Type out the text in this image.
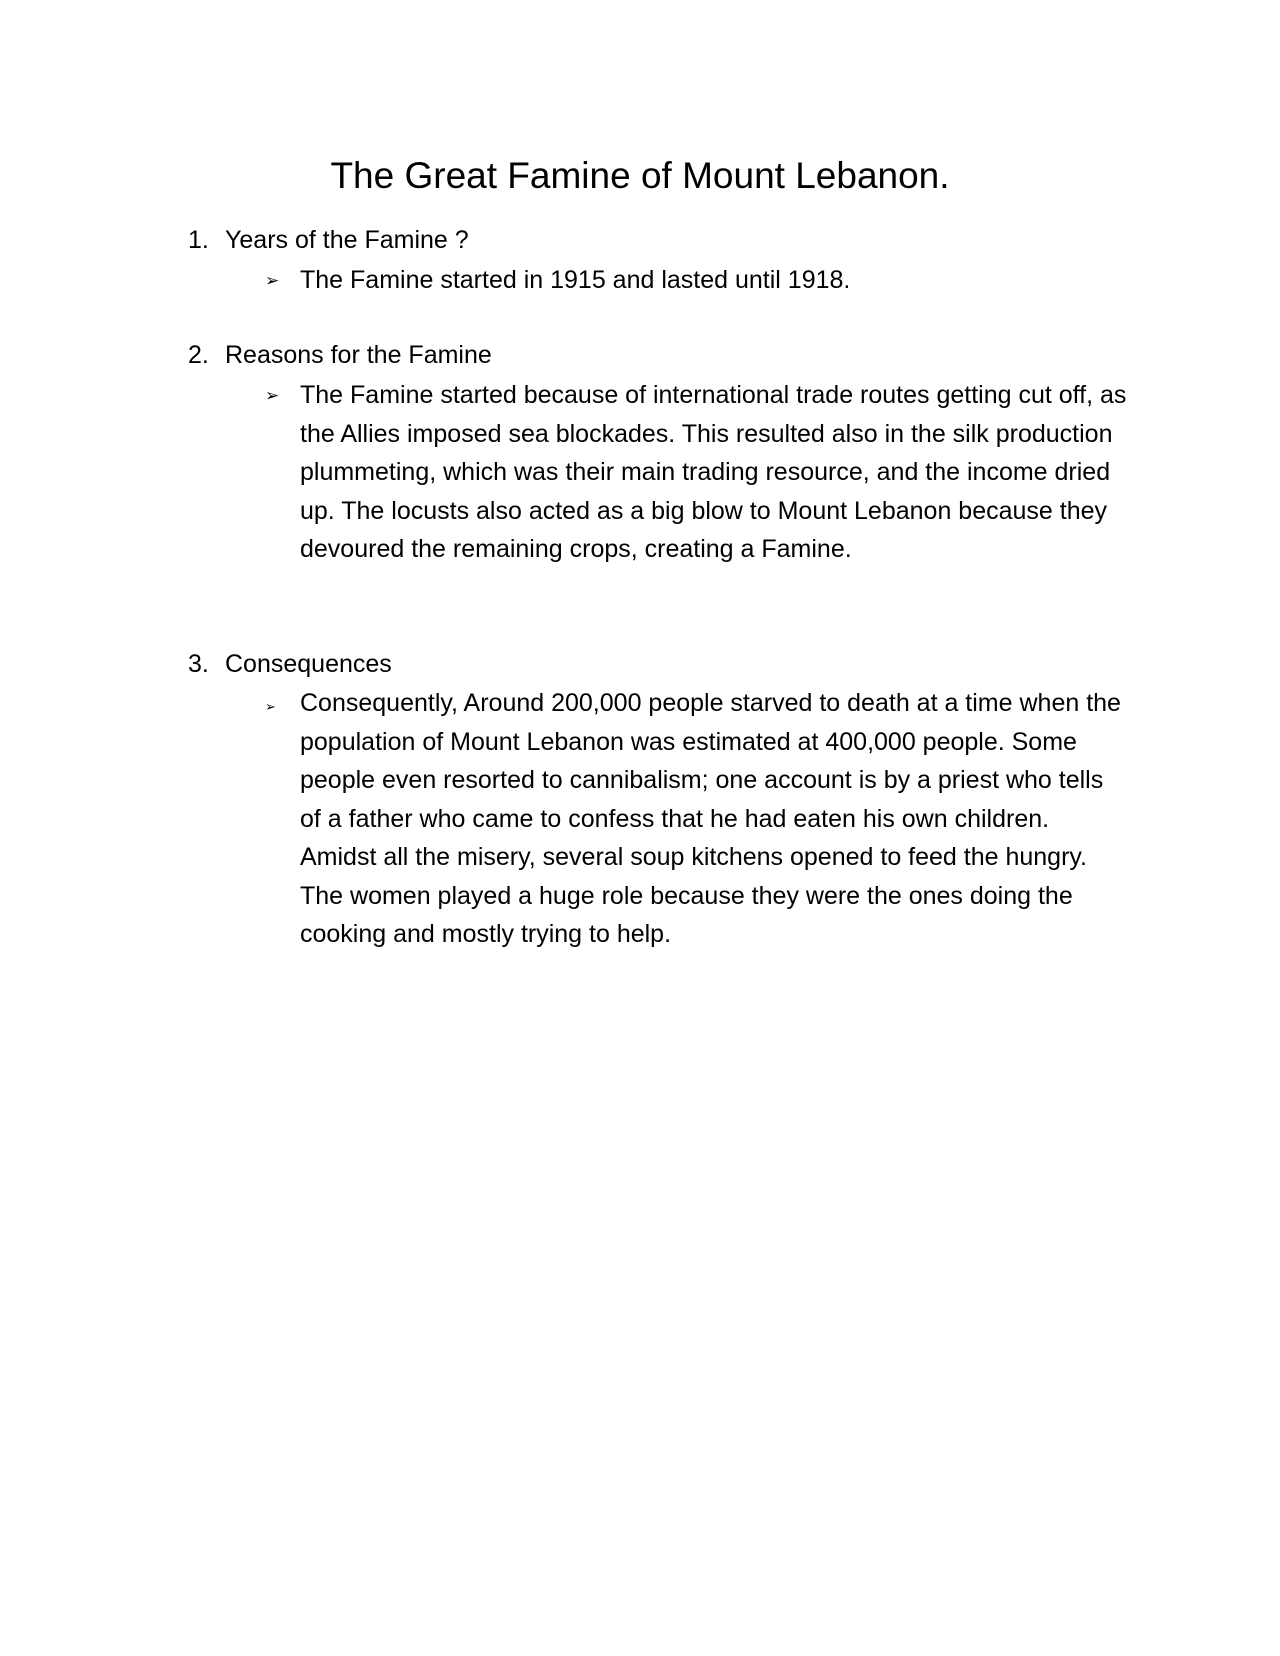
The Great Famine of Mount Lebanon.
1. Years of the Famine ?
➢ The Famine started in 1915 and lasted until 1918.

2. Reasons for the Famine
➢ The Famine started because of international trade routes getting cut off, as the Allies imposed sea blockades. This resulted also in the silk production plummeting, which was their main trading resource, and the income dried up. The locusts also acted as a big blow to Mount Lebanon because they devoured the remaining crops, creating a Famine.

3. Consequences
➢ Consequently, Around 200,000 people starved to death at a time when the population of Mount Lebanon was estimated at 400,000 people. Some people even resorted to cannibalism; one account is by a priest who tells of a father who came to confess that he had eaten his own children. Amidst all the misery, several soup kitchens opened to feed the hungry. The women played a huge role because they were the ones doing the cooking and mostly trying to help.
